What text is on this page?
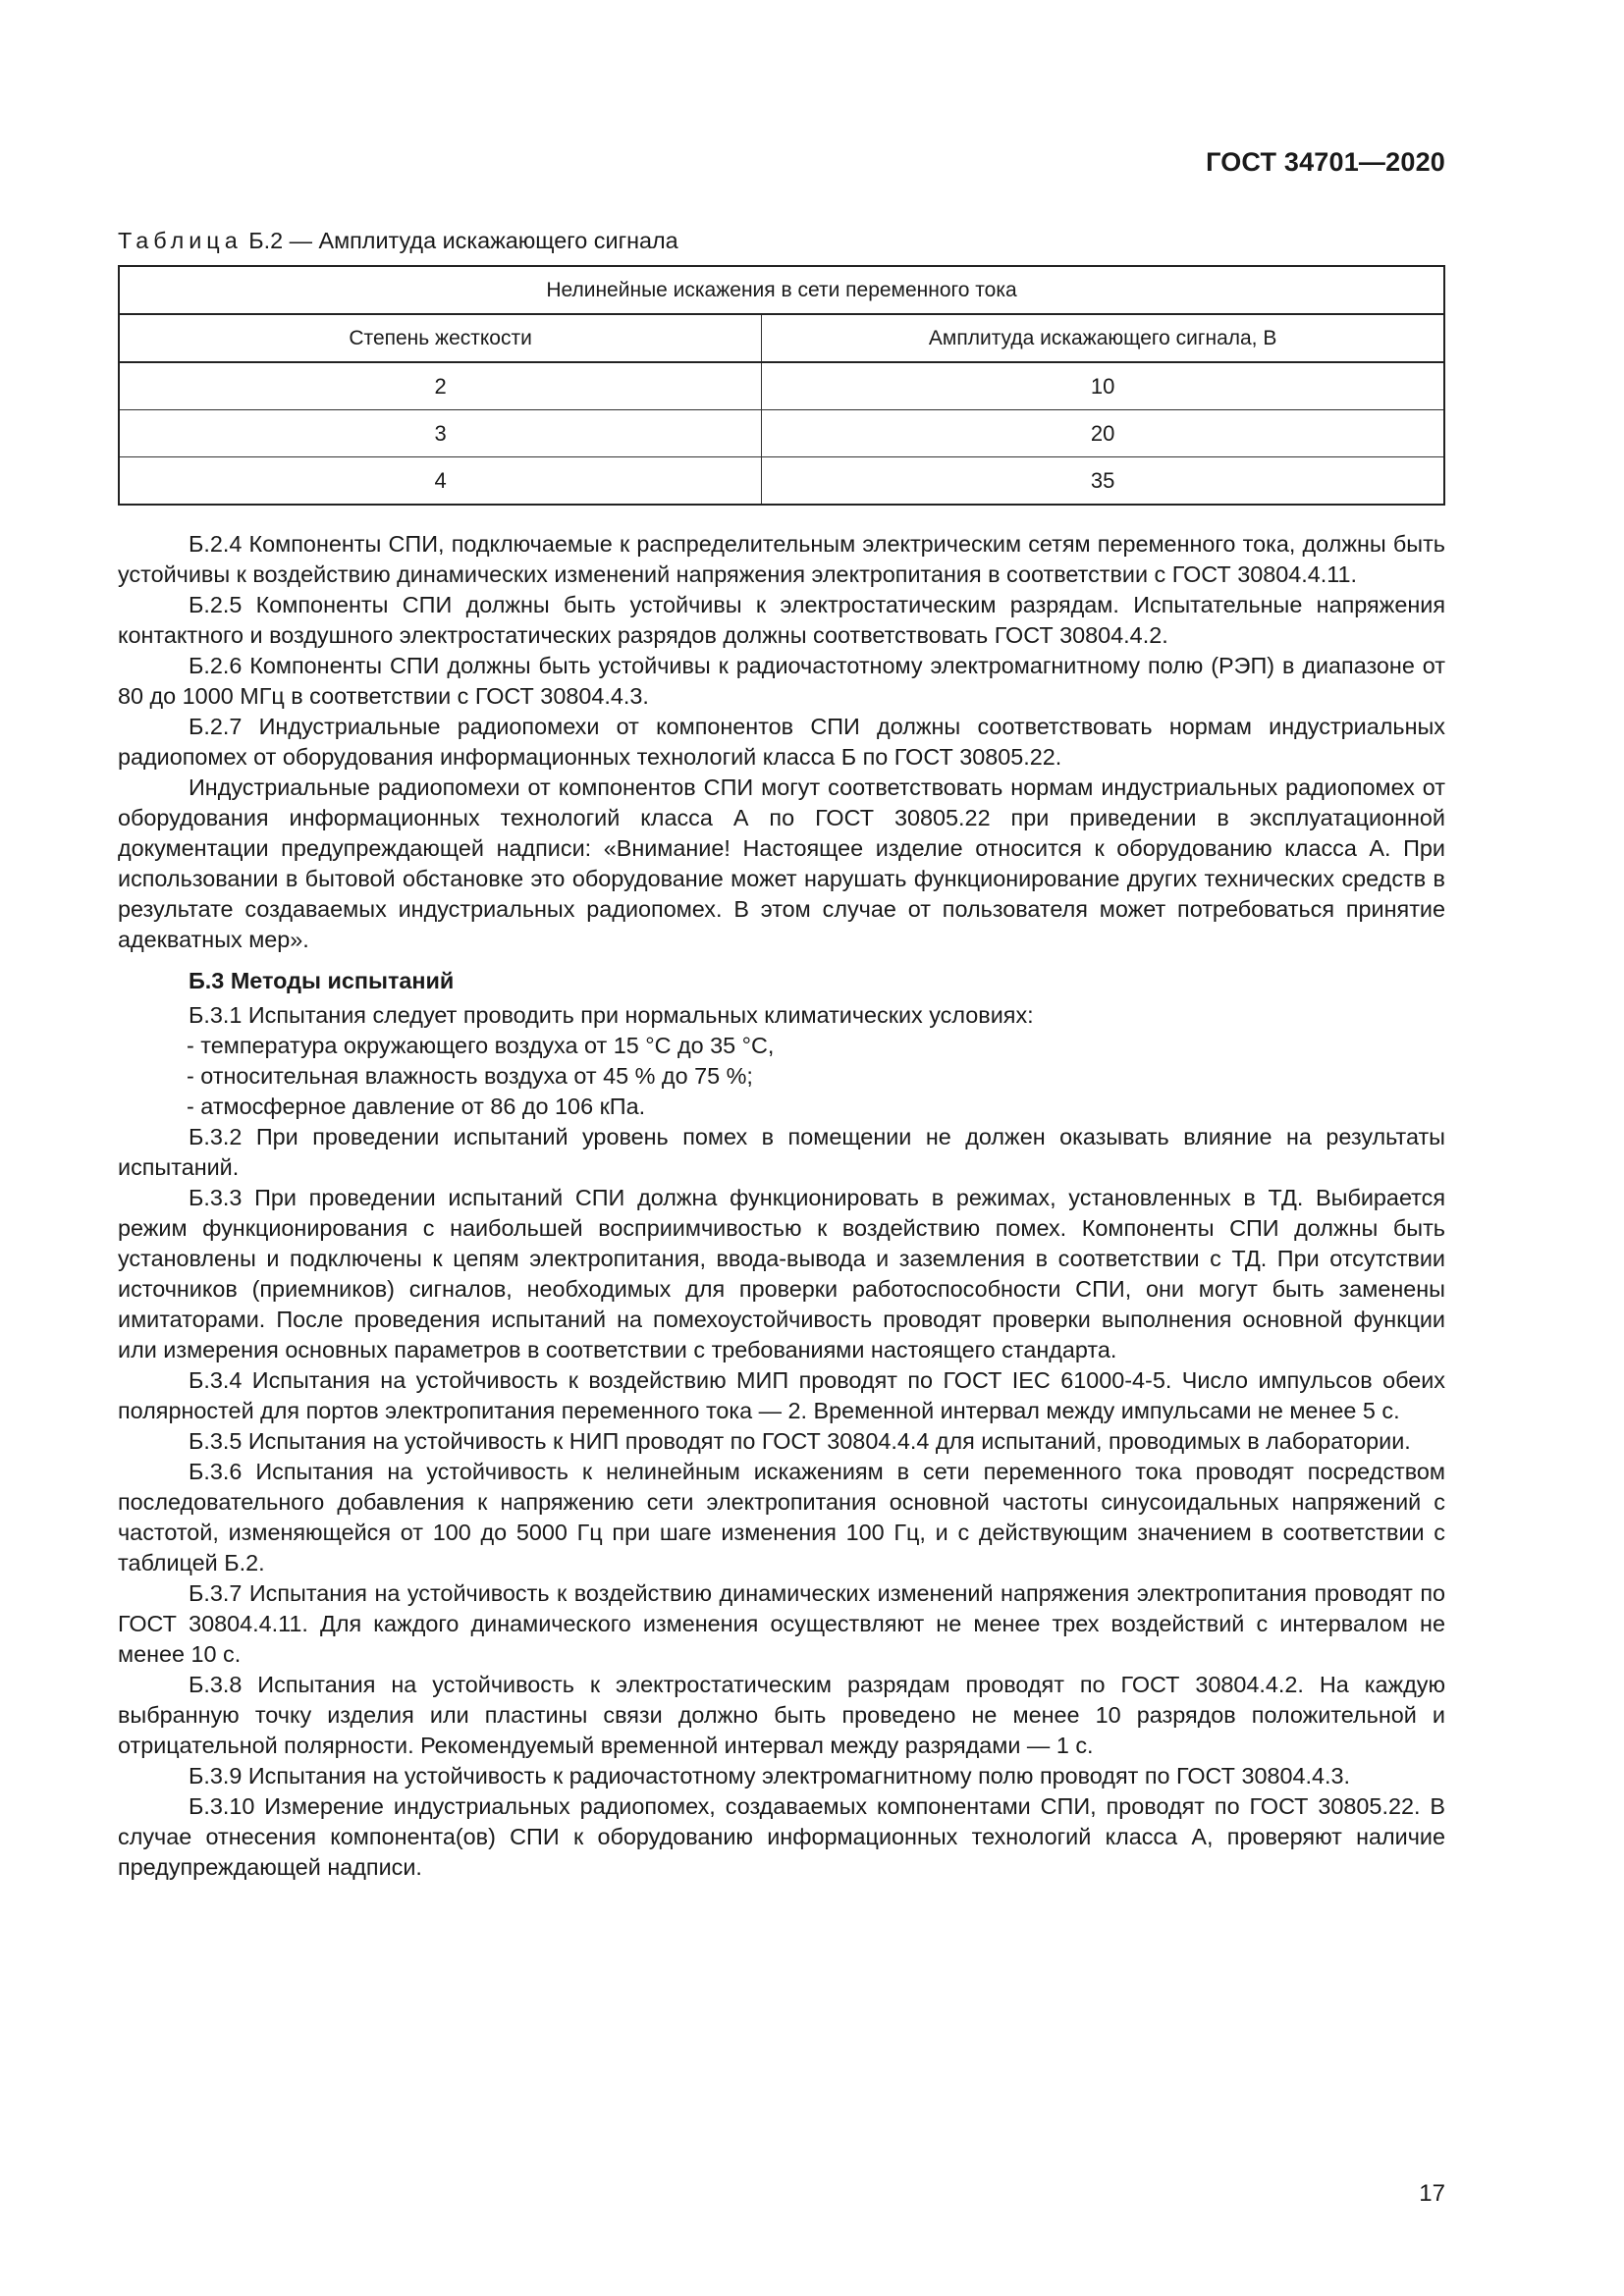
ГОСТ 34701—2020
Таблица Б.2 — Амплитуда искажающего сигнала
Нелинейные искажения в сети переменного тока	
Степень жесткости	Амплитуда искажающего сигнала, В
2	10
3	20
4	35

Б.2.4 Компоненты СПИ, подключаемые к распределительным электрическим сетям переменного тока, должны быть устойчивы к воздействию динамических изменений напряжения электропитания в соответствии с ГОСТ 30804.4.11.

Б.2.5 Компоненты СПИ должны быть устойчивы к электростатическим разрядам. Испытательные напряжения контактного и воздушного электростатических разрядов должны соответствовать ГОСТ 30804.4.2.

Б.2.6 Компоненты СПИ должны быть устойчивы к радиочастотному электромагнитному полю (РЭП) в диапазоне от 80 до 1000 МГц в соответствии с ГОСТ 30804.4.3.

Б.2.7 Индустриальные радиопомехи от компонентов СПИ должны соответствовать нормам индустриальных радиопомех от оборудования информационных технологий класса Б по ГОСТ 30805.22.

Индустриальные радиопомехи от компонентов СПИ могут соответствовать нормам индустриальных радиопомех от оборудования информационных технологий класса А по ГОСТ 30805.22 при приведении в эксплуатационной документации предупреждающей надписи: «Внимание! Настоящее изделие относится к оборудованию класса А. При использовании в бытовой обстановке это оборудование может нарушать функционирование других технических средств в результате создаваемых индустриальных радиопомех. В этом случае от пользователя может потребоваться принятие адекватных мер».

Б.3 Методы испытаний

Б.3.1 Испытания следует проводить при нормальных климатических условиях:

- температура окружающего воздуха от 15 °С до 35 °С,
- относительная влажность воздуха от 45 % до 75 %;
- атмосферное давление от 86 до 106 кПа.

Б.3.2 При проведении испытаний уровень помех в помещении не должен оказывать влияние на результаты испытаний.

Б.3.3 При проведении испытаний СПИ должна функционировать в режимах, установленных в ТД. Выбирается режим функционирования с наибольшей восприимчивостью к воздействию помех. Компоненты СПИ должны быть установлены и подключены к цепям электропитания, ввода-вывода и заземления в соответствии с ТД. При отсутствии источников (приемников) сигналов, необходимых для проверки работоспособности СПИ, они могут быть заменены имитаторами. После проведения испытаний на помехоустойчивость проводят проверки выполнения основной функции или измерения основных параметров в соответствии с требованиями настоящего стандарта.

Б.3.4 Испытания на устойчивость к воздействию МИП проводят по ГОСТ IEC 61000-4-5. Число импульсов обеих полярностей для портов электропитания переменного тока — 2. Временной интервал между импульсами не менее 5 с.

Б.3.5 Испытания на устойчивость к НИП проводят по ГОСТ 30804.4.4 для испытаний, проводимых в лаборатории.

Б.3.6 Испытания на устойчивость к нелинейным искажениям в сети переменного тока проводят посредством последовательного добавления к напряжению сети электропитания основной частоты синусоидальных напряжений с частотой, изменяющейся от 100 до 5000 Гц при шаге изменения 100 Гц, и с действующим значением в соответствии с таблицей Б.2.

Б.3.7 Испытания на устойчивость к воздействию динамических изменений напряжения электропитания проводят по ГОСТ 30804.4.11. Для каждого динамического изменения осуществляют не менее трех воздействий с интервалом не менее 10 с.

Б.3.8 Испытания на устойчивость к электростатическим разрядам проводят по ГОСТ 30804.4.2. На каждую выбранную точку изделия или пластины связи должно быть проведено не менее 10 разрядов положительной и отрицательной полярности. Рекомендуемый временной интервал между разрядами — 1 с.

Б.3.9 Испытания на устойчивость к радиочастотному электромагнитному полю проводят по ГОСТ 30804.4.3.

Б.3.10 Измерение индустриальных радиопомех, создаваемых компонентами СПИ, проводят по ГОСТ 30805.22. В случае отнесения компонента(ов) СПИ к оборудованию информационных технологий класса А, проверяют наличие предупреждающей надписи.

17
